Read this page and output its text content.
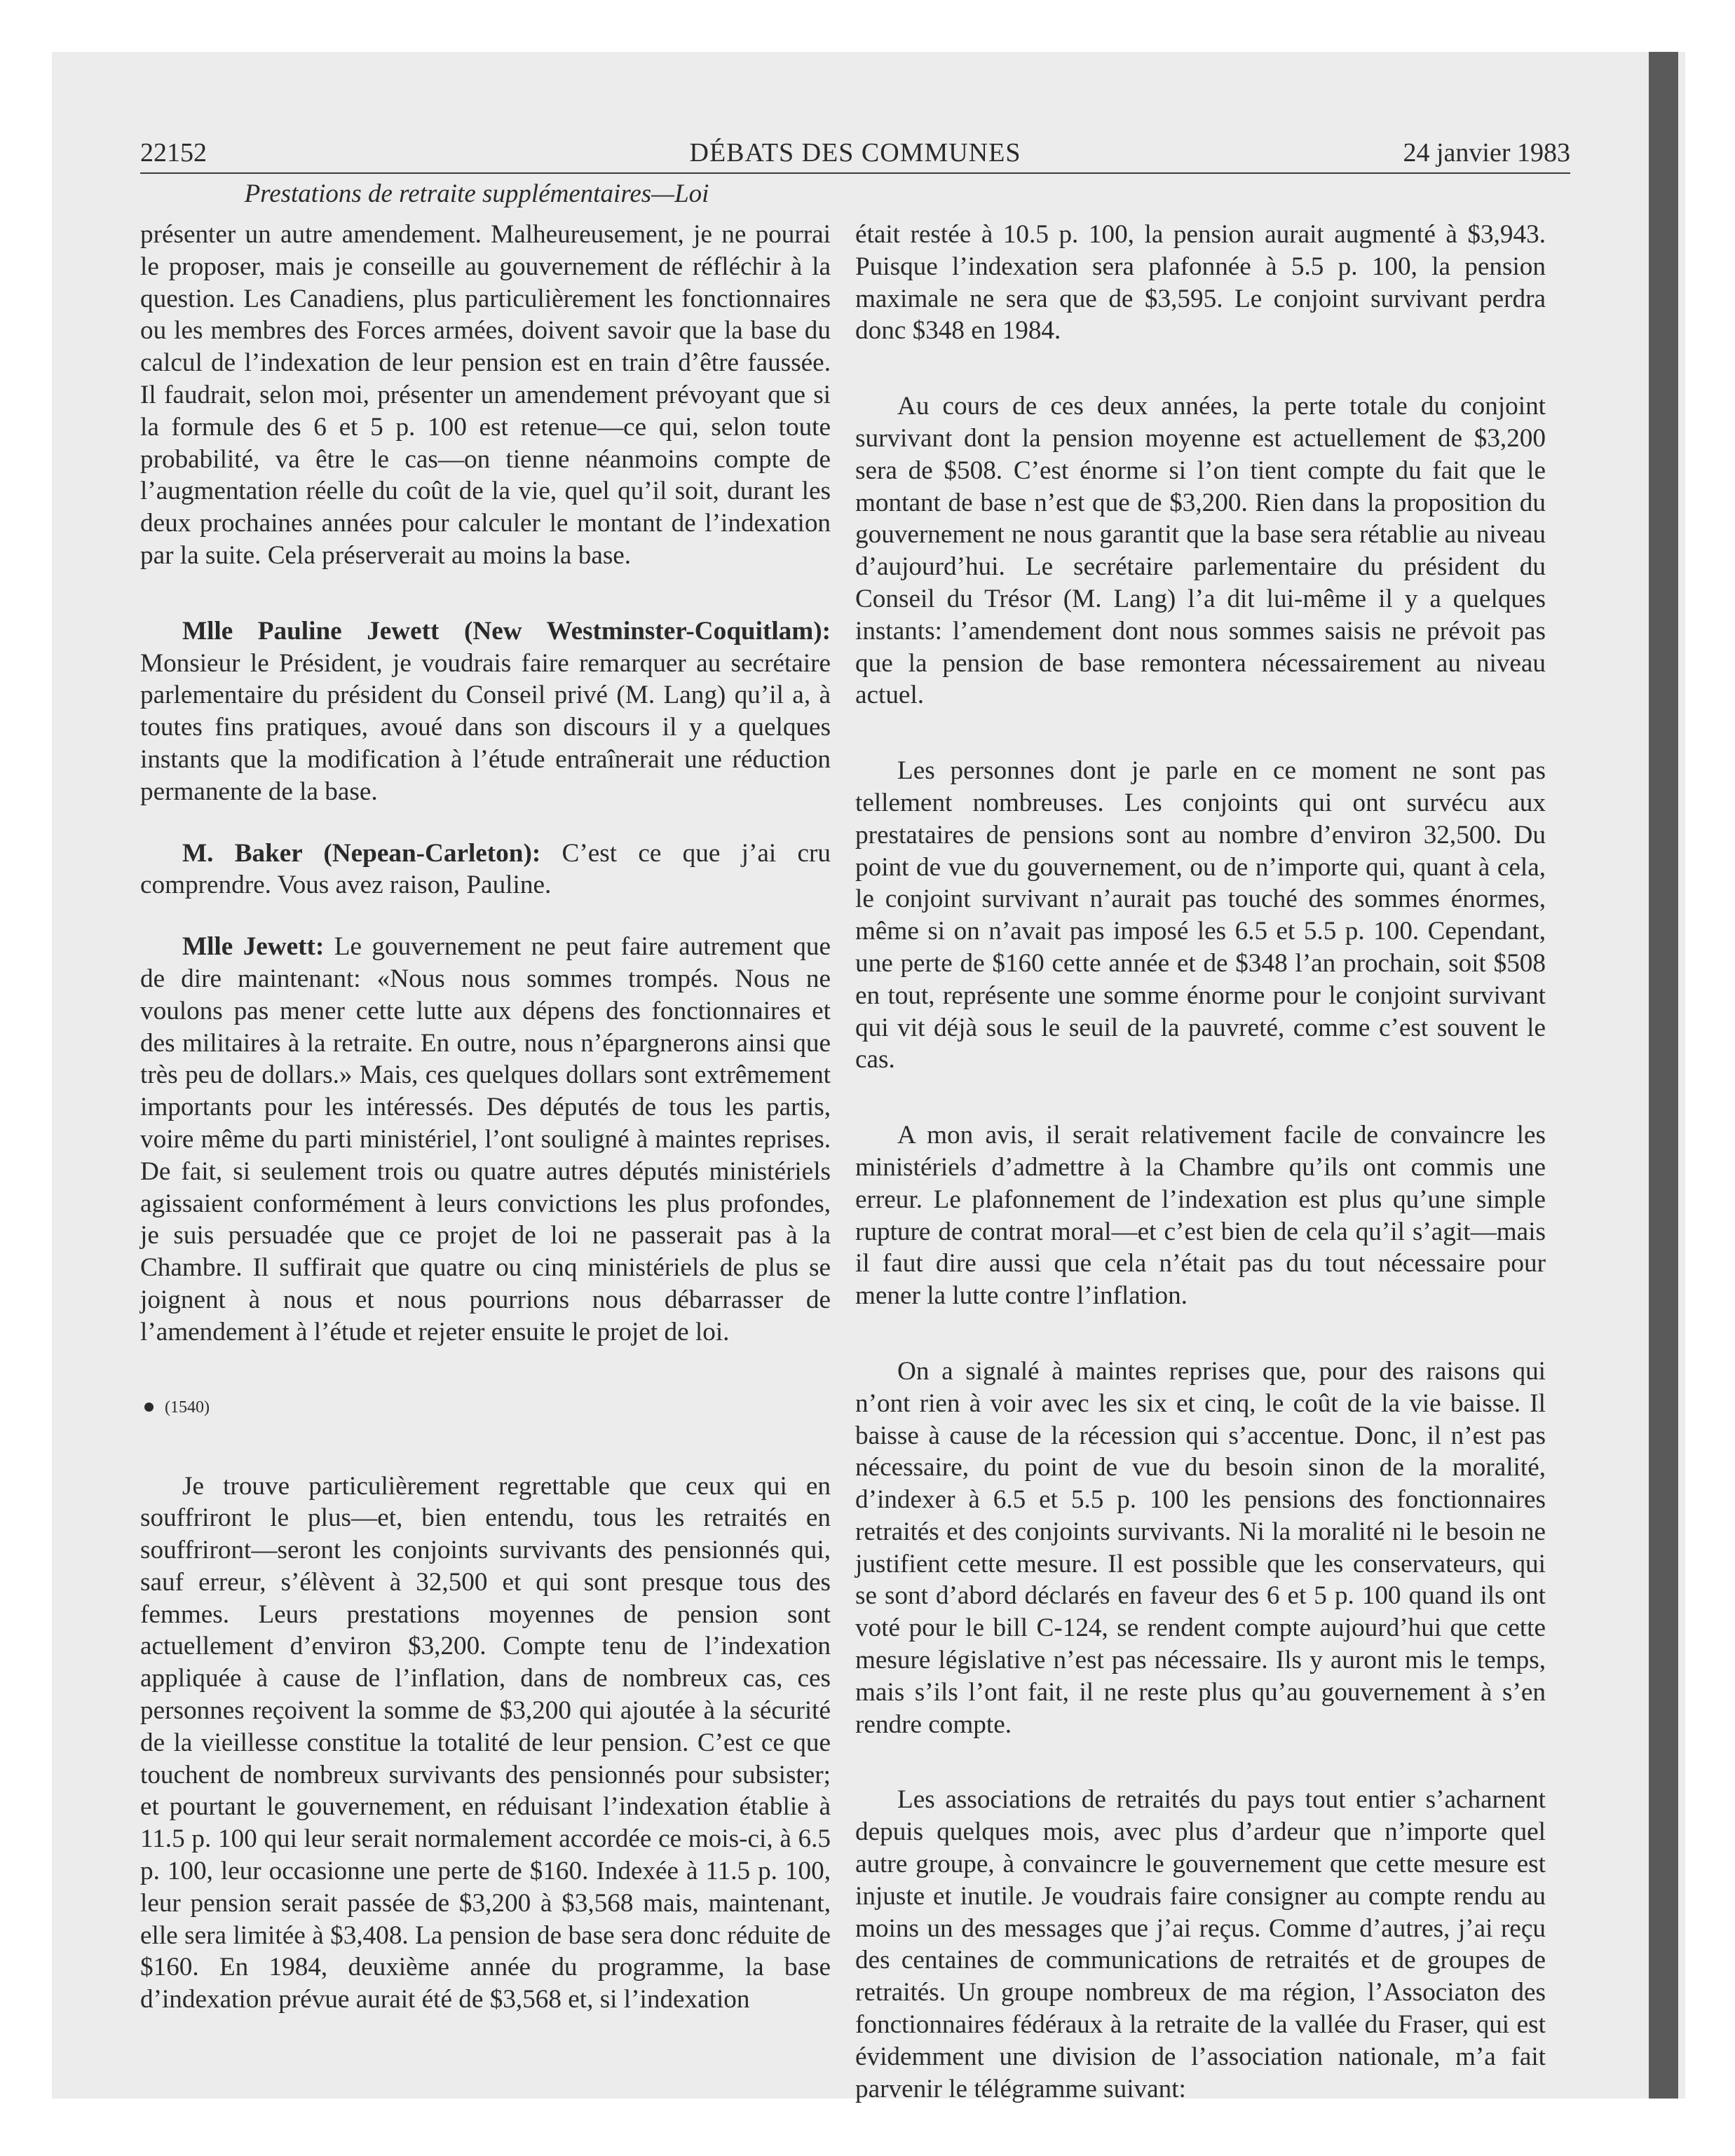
22152	DÉBATS DES COMMUNES	24 janvier 1983
Prestations de retraite supplémentaires—Loi

présenter un autre amendement. Malheureusement, je ne pourrai le proposer, mais je conseille au gouvernement de réfléchir à la question. Les Canadiens, plus particulièrement les fonctionnaires ou les membres des Forces armées, doivent savoir que la base du calcul de l’indexation de leur pension est en train d’être faussée. Il faudrait, selon moi, présenter un amendement prévoyant que si la formule des 6 et 5 p. 100 est retenue—ce qui, selon toute probabilité, va être le cas—on tienne néanmoins compte de l’augmentation réelle du coût de la vie, quel qu’il soit, durant les deux prochaines années pour calculer le montant de l’indexation par la suite. Cela préserverait au moins la base.

Mlle Pauline Jewett (New Westminster-Coquitlam): Monsieur le Président, je voudrais faire remarquer au secrétaire parlementaire du président du Conseil privé (M. Lang) qu’il a, à toutes fins pratiques, avoué dans son discours il y a quelques instants que la modification à l’étude entraînerait une réduction permanente de la base.

M. Baker (Nepean-Carleton): C’est ce que j’ai cru comprendre. Vous avez raison, Pauline.

Mlle Jewett: Le gouvernement ne peut faire autrement que de dire maintenant: «Nous nous sommes trompés. Nous ne voulons pas mener cette lutte aux dépens des fonctionnaires et des militaires à la retraite. En outre, nous n’épargnerons ainsi que très peu de dollars.» Mais, ces quelques dollars sont extrêmement importants pour les intéressés. Des députés de tous les partis, voire même du parti ministériel, l’ont souligné à maintes reprises. De fait, si seulement trois ou quatre autres députés ministériels agissaient conformément à leurs convictions les plus profondes, je suis persuadée que ce projet de loi ne passerait pas à la Chambre. Il suffirait que quatre ou cinq ministériels de plus se joignent à nous et nous pourrions nous débarrasser de l’amendement à l’étude et rejeter ensuite le projet de loi.

(1540)

Je trouve particulièrement regrettable que ceux qui en souffriront le plus—et, bien entendu, tous les retraités en souffriront—seront les conjoints survivants des pensionnés qui, sauf erreur, s’élèvent à 32,500 et qui sont presque tous des femmes. Leurs prestations moyennes de pension sont actuellement d’environ $3,200. Compte tenu de l’indexation appliquée à cause de l’inflation, dans de nombreux cas, ces personnes reçoivent la somme de $3,200 qui ajoutée à la sécurité de la vieillesse constitue la totalité de leur pension. C’est ce que touchent de nombreux survivants des pensionnés pour subsister; et pourtant le gouvernement, en réduisant l’indexation établie à 11.5 p. 100 qui leur serait normalement accordée ce mois-ci, à 6.5 p. 100, leur occasionne une perte de $160. Indexée à 11.5 p. 100, leur pension serait passée de $3,200 à $3,568 mais, maintenant, elle sera limitée à $3,408. La pension de base sera donc réduite de $160. En 1984, deuxième année du programme, la base d’indexation prévue aurait été de $3,568 et, si l’indexation

était restée à 10.5 p. 100, la pension aurait augmenté à $3,943. Puisque l’indexation sera plafonnée à 5.5 p. 100, la pension maximale ne sera que de $3,595. Le conjoint survivant perdra donc $348 en 1984.

Au cours de ces deux années, la perte totale du conjoint survivant dont la pension moyenne est actuellement de $3,200 sera de $508. C’est énorme si l’on tient compte du fait que le montant de base n’est que de $3,200. Rien dans la proposition du gouvernement ne nous garantit que la base sera rétablie au niveau d’aujourd’hui. Le secrétaire parlementaire du président du Conseil du Trésor (M. Lang) l’a dit lui-même il y a quelques instants: l’amendement dont nous sommes saisis ne prévoit pas que la pension de base remontera nécessairement au niveau actuel.

Les personnes dont je parle en ce moment ne sont pas tellement nombreuses. Les conjoints qui ont survécu aux prestataires de pensions sont au nombre d’environ 32,500. Du point de vue du gouvernement, ou de n’importe qui, quant à cela, le conjoint survivant n’aurait pas touché des sommes énormes, même si on n’avait pas imposé les 6.5 et 5.5 p. 100. Cependant, une perte de $160 cette année et de $348 l’an prochain, soit $508 en tout, représente une somme énorme pour le conjoint survivant qui vit déjà sous le seuil de la pauvreté, comme c’est souvent le cas.

A mon avis, il serait relativement facile de convaincre les ministériels d’admettre à la Chambre qu’ils ont commis une erreur. Le plafonnement de l’indexation est plus qu’une simple rupture de contrat moral—et c’est bien de cela qu’il s’agit—mais il faut dire aussi que cela n’était pas du tout nécessaire pour mener la lutte contre l’inflation.

On a signalé à maintes reprises que, pour des raisons qui n’ont rien à voir avec les six et cinq, le coût de la vie baisse. Il baisse à cause de la récession qui s’accentue. Donc, il n’est pas nécessaire, du point de vue du besoin sinon de la moralité, d’indexer à 6.5 et 5.5 p. 100 les pensions des fonctionnaires retraités et des conjoints survivants. Ni la moralité ni le besoin ne justifient cette mesure. Il est possible que les conservateurs, qui se sont d’abord déclarés en faveur des 6 et 5 p. 100 quand ils ont voté pour le bill C-124, se rendent compte aujourd’hui que cette mesure législative n’est pas nécessaire. Ils y auront mis le temps, mais s’ils l’ont fait, il ne reste plus qu’au gouvernement à s’en rendre compte.

Les associations de retraités du pays tout entier s’acharnent depuis quelques mois, avec plus d’ardeur que n’importe quel autre groupe, à convaincre le gouvernement que cette mesure est injuste et inutile. Je voudrais faire consigner au compte rendu au moins un des messages que j’ai reçus. Comme d’autres, j’ai reçu des centaines de communications de retraités et de groupes de retraités. Un groupe nombreux de ma région, l’Associaton des fonctionnaires fédéraux à la retraite de la vallée du Fraser, qui est évidemment une division de l’association nationale, m’a fait parvenir le télégramme suivant:
